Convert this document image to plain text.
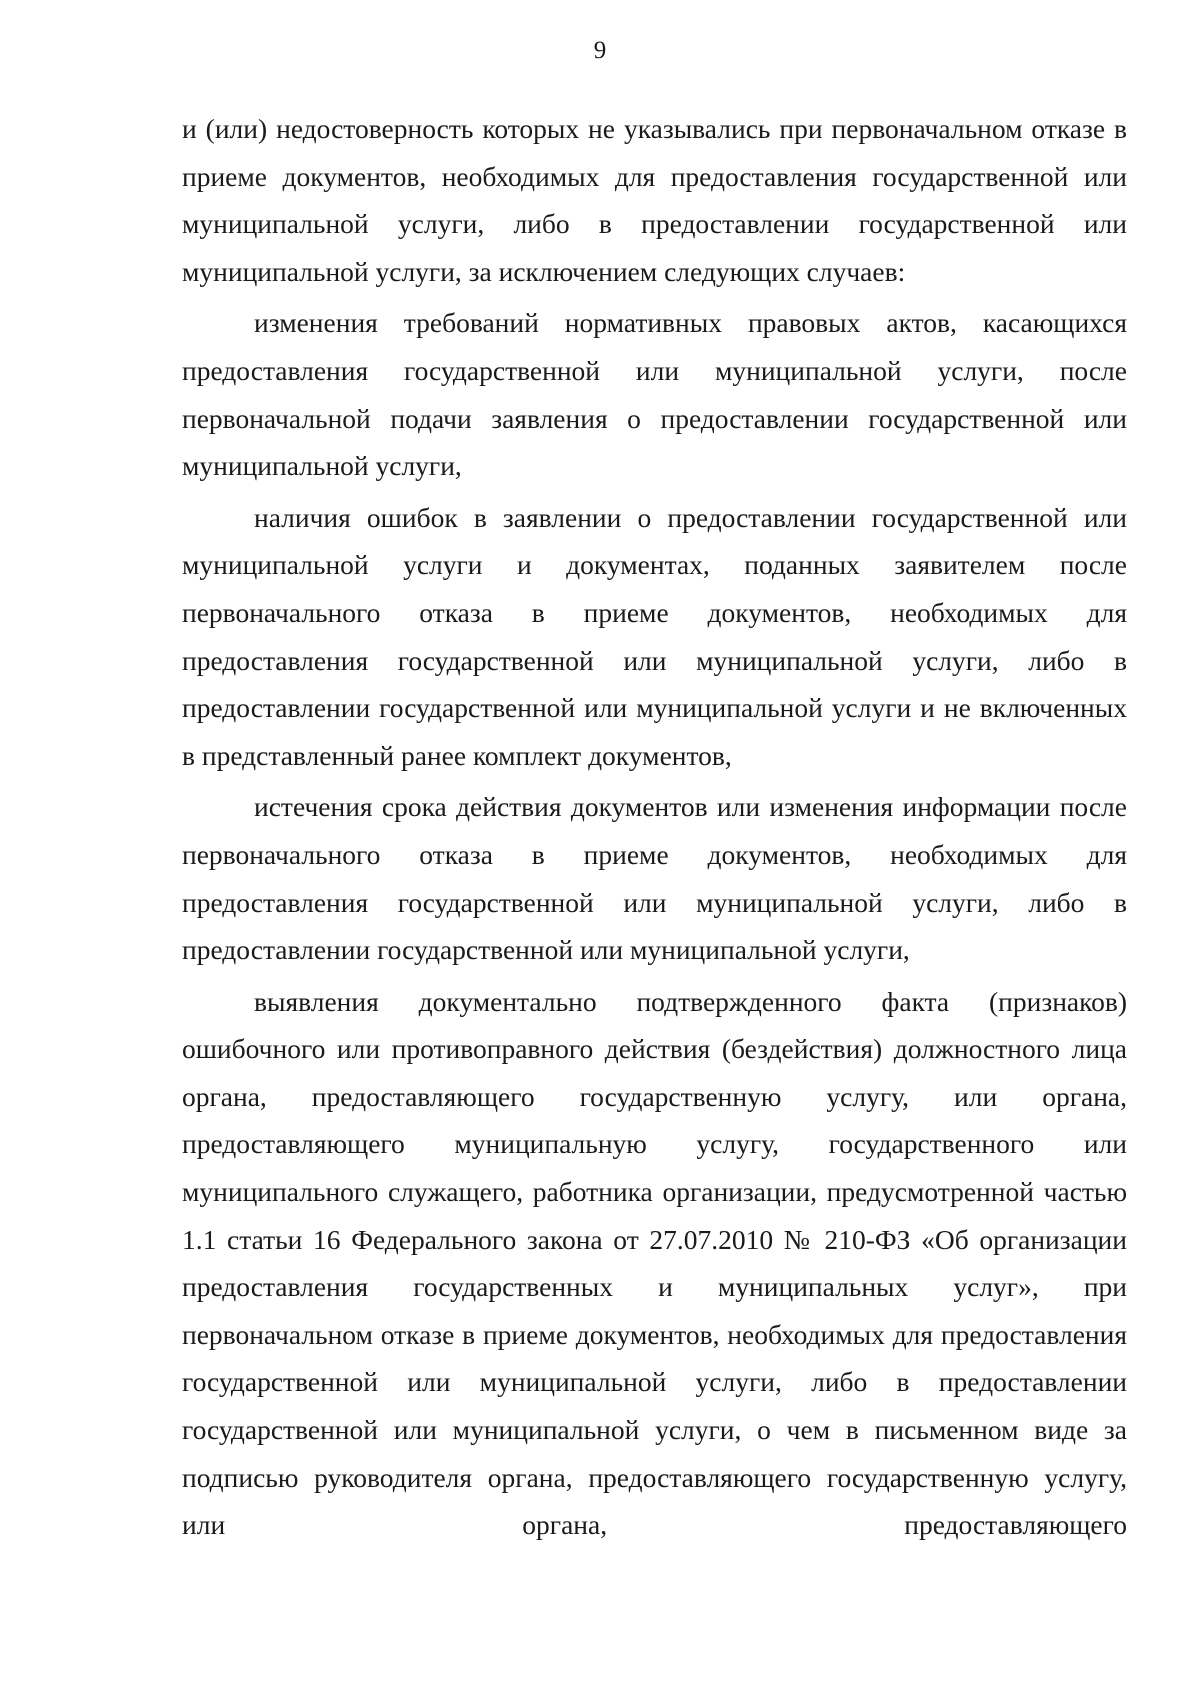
9

и (или) недостоверность которых не указывались при первоначальном отказе в приеме документов, необходимых для предоставления государственной или муниципальной услуги, либо в предоставлении государственной или муниципальной услуги, за исключением следующих случаев:

изменения требований нормативных правовых актов, касающихся предоставления государственной или муниципальной услуги, после первоначальной подачи заявления о предоставлении государственной или муниципальной услуги,

наличия ошибок в заявлении о предоставлении государственной или муниципальной услуги и документах, поданных заявителем после первоначального отказа в приеме документов, необходимых для предоставления государственной или муниципальной услуги, либо в предоставлении государственной или муниципальной услуги и не включенных в представленный ранее комплект документов,

истечения срока действия документов или изменения информации после первоначального отказа в приеме документов, необходимых для предоставления государственной или муниципальной услуги, либо в предоставлении государственной или муниципальной услуги,

выявления документально подтвержденного факта (признаков) ошибочного или противоправного действия (бездействия) должностного лица органа, предоставляющего государственную услугу, или органа, предоставляющего муниципальную услугу, государственного или муниципального служащего, работника организации, предусмотренной частью 1.1 статьи 16 Федерального закона от 27.07.2010 № 210-ФЗ «Об организации предоставления государственных и муниципальных услуг», при первоначальном отказе в приеме документов, необходимых для предоставления государственной или муниципальной услуги, либо в предоставлении государственной или муниципальной услуги, о чем в письменном виде за подписью руководителя органа, предоставляющего государственную услугу, или органа, предоставляющего
